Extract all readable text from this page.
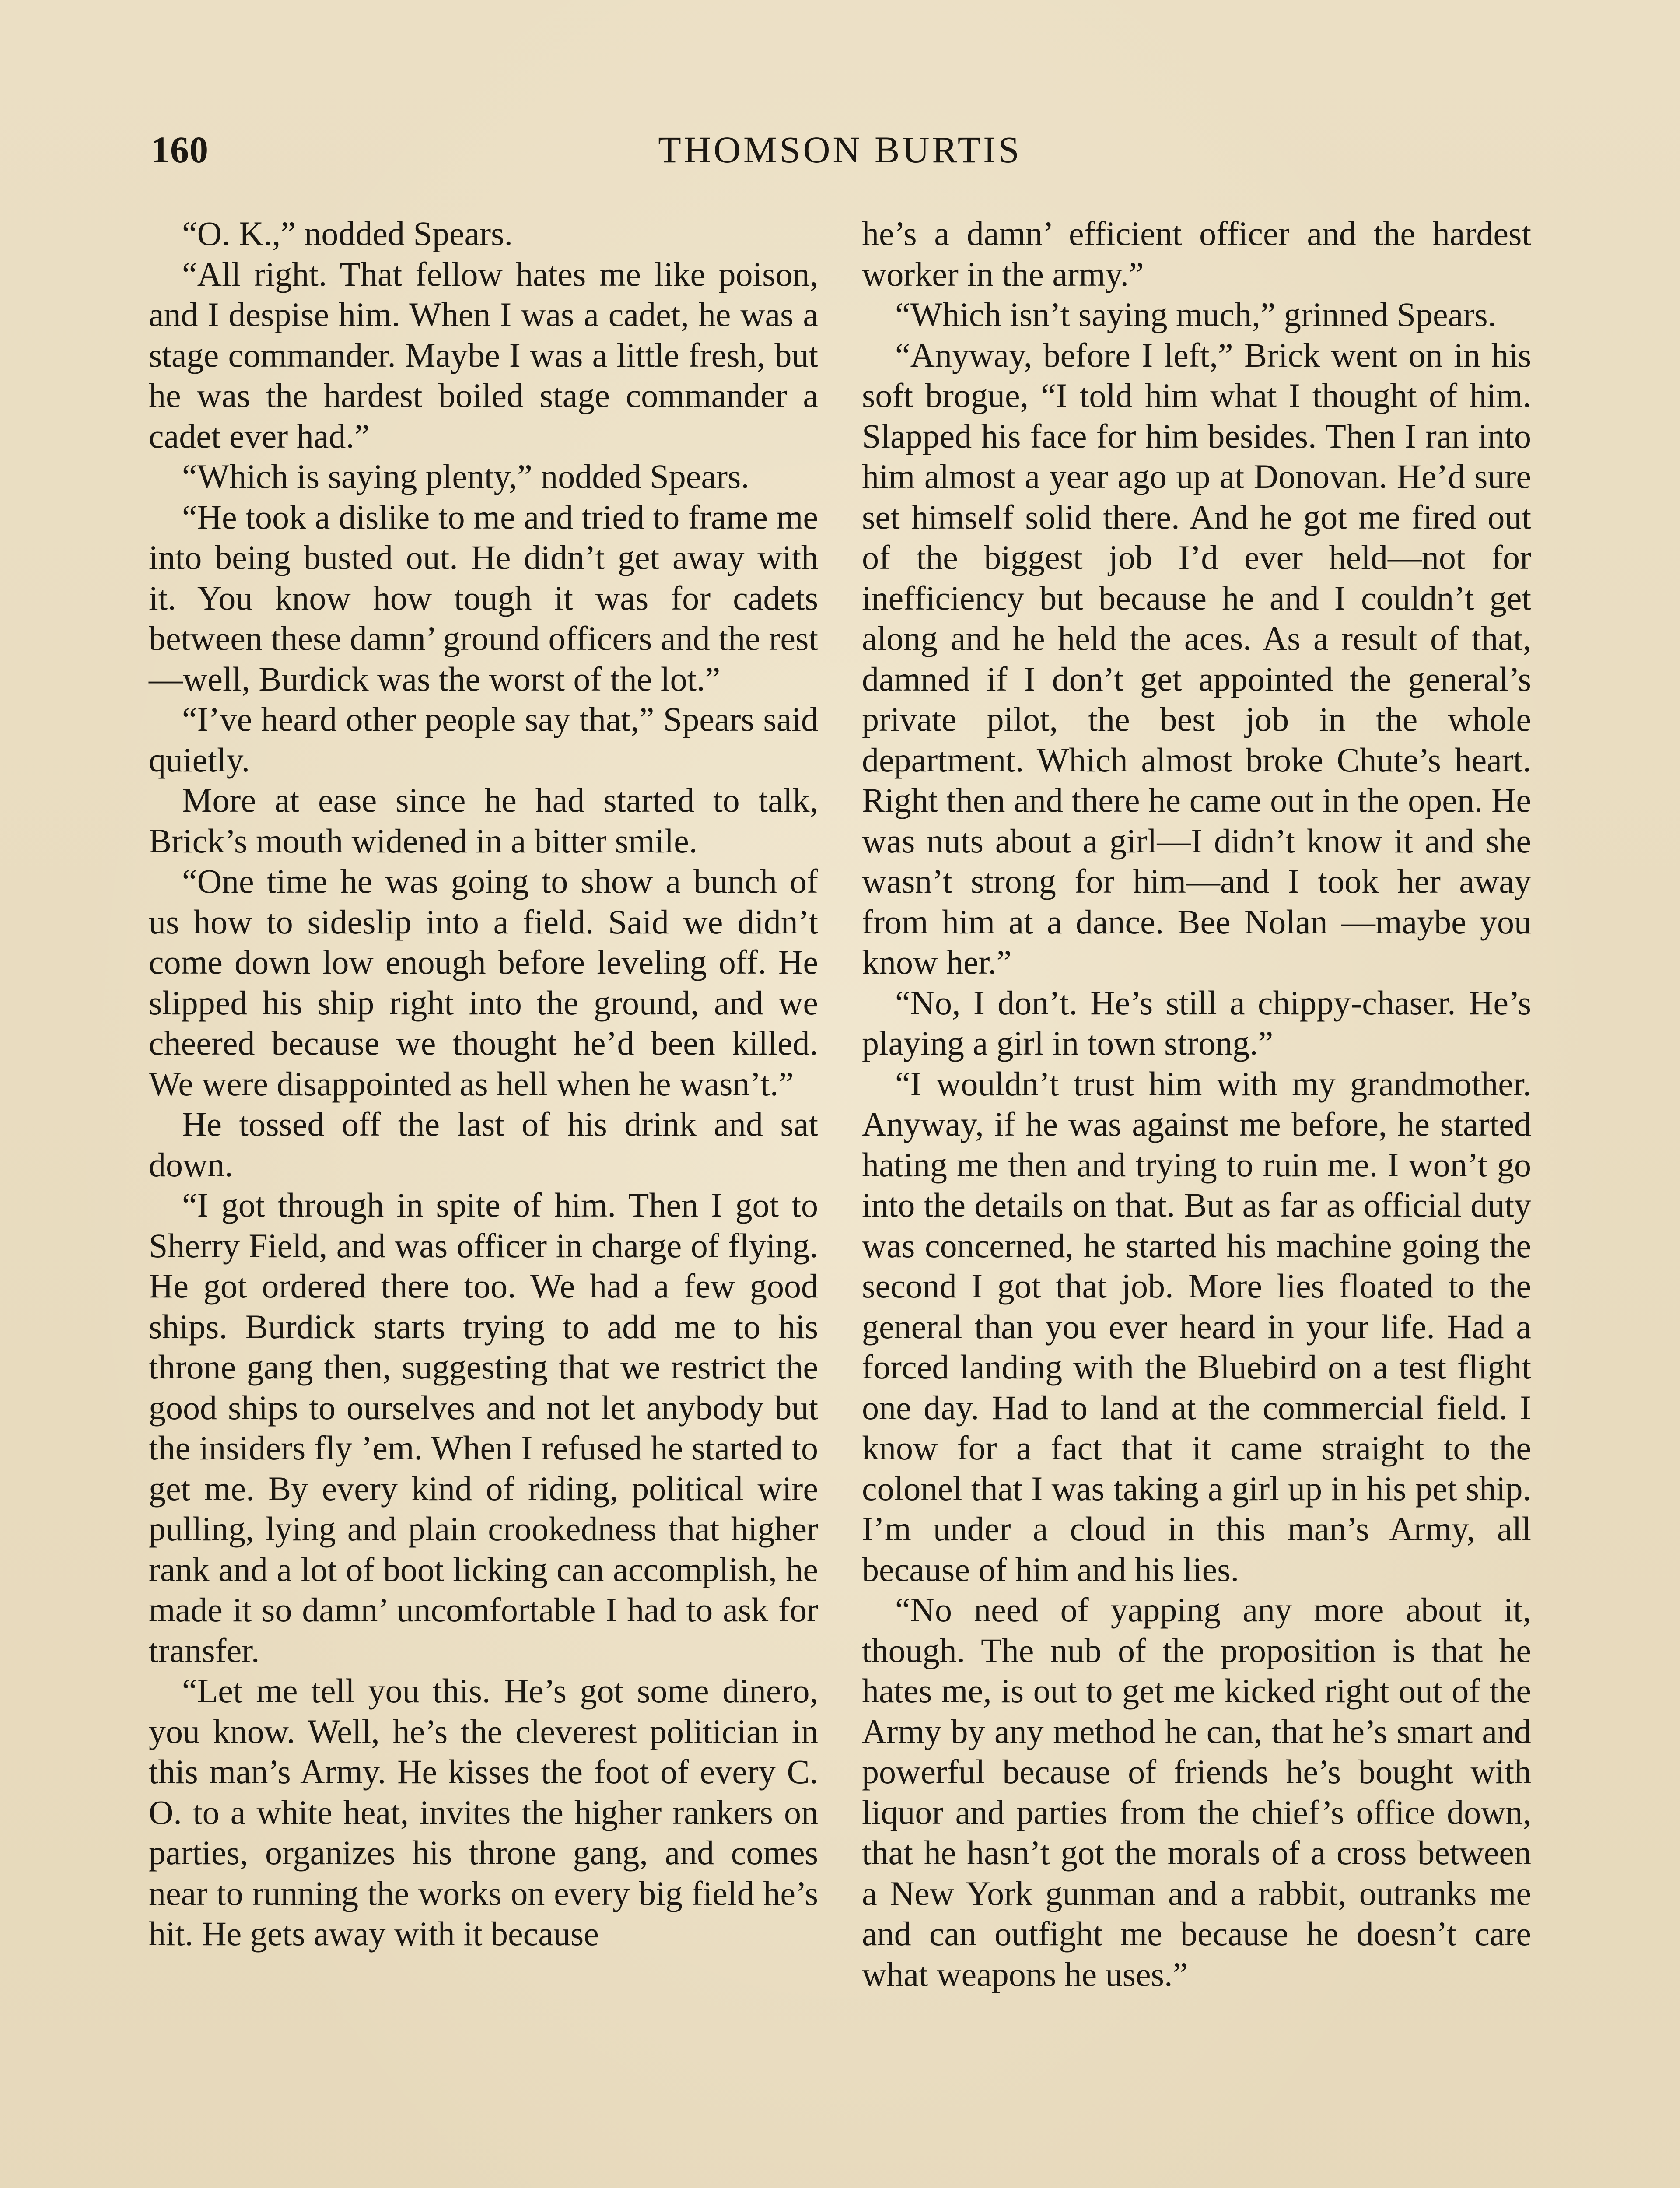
160	THOMSON BURTIS

“O. K.,” nodded Spears.

“All right. That fellow hates me like poison, and I despise him. When I was a cadet, he was a stage commander. Maybe I was a little fresh, but he was the hardest boiled stage commander a cadet ever had.”

“Which is saying plenty,” nodded Spears.

“He took a dislike to me and tried to frame me into being busted out. He didn’t get away with it. You know how tough it was for cadets between these damn’ ground officers and the rest—well, Burdick was the worst of the lot.”

“I’ve heard other people say that,” Spears said quietly.

More at ease since he had started to talk, Brick’s mouth widened in a bitter smile.

“One time he was going to show a bunch of us how to sideslip into a field. Said we didn’t come down low enough before leveling off. He slipped his ship right into the ground, and we cheered because we thought he’d been killed. We were disappointed as hell when he wasn’t.”

He tossed off the last of his drink and sat down.

“I got through in spite of him. Then I got to Sherry Field, and was officer in charge of flying. He got ordered there too. We had a few good ships. Burdick starts trying to add me to his throne gang then, suggesting that we restrict the good ships to ourselves and not let anybody but the insiders fly ’em. When I refused he started to get me. By every kind of riding, political wire pulling, lying and plain crookedness that higher rank and a lot of boot licking can accomplish, he made it so damn’ uncomfortable I had to ask for transfer.

“Let me tell you this. He’s got some dinero, you know. Well, he’s the cleverest politician in this man’s Army. He kisses the foot of every C. O. to a white heat, invites the higher rankers on parties, organizes his throne gang, and comes near to running the works on every big field he’s hit. He gets away with it because

he’s a damn’ efficient officer and the hardest worker in the army.”

“Which isn’t saying much,” grinned Spears.

“Anyway, before I left,” Brick went on in his soft brogue, “I told him what I thought of him. Slapped his face for him besides. Then I ran into him almost a year ago up at Donovan. He’d sure set himself solid there. And he got me fired out of the biggest job I’d ever held—not for inefficiency but because he and I couldn’t get along and he held the aces. As a result of that, damned if I don’t get appointed the general’s private pilot, the best job in the whole department. Which almost broke Chute’s heart. Right then and there he came out in the open. He was nuts about a girl—I didn’t know it and she wasn’t strong for him—and I took her away from him at a dance. Bee Nolan —maybe you know her.”

“No, I don’t. He’s still a chippy-chaser. He’s playing a girl in town strong.”

“I wouldn’t trust him with my grandmother. Anyway, if he was against me before, he started hating me then and trying to ruin me. I won’t go into the details on that. But as far as official duty was concerned, he started his machine going the second I got that job. More lies floated to the general than you ever heard in your life. Had a forced landing with the Bluebird on a test flight one day. Had to land at the commercial field. I know for a fact that it came straight to the colonel that I was taking a girl up in his pet ship. I’m under a cloud in this man’s Army, all because of him and his lies.

“No need of yapping any more about it, though. The nub of the proposition is that he hates me, is out to get me kicked right out of the Army by any method he can, that he’s smart and powerful because of friends he’s bought with liquor and parties from the chief’s office down, that he hasn’t got the morals of a cross between a New York gunman and a rabbit, outranks me and can outfight me because he doesn’t care what weapons he uses.”
